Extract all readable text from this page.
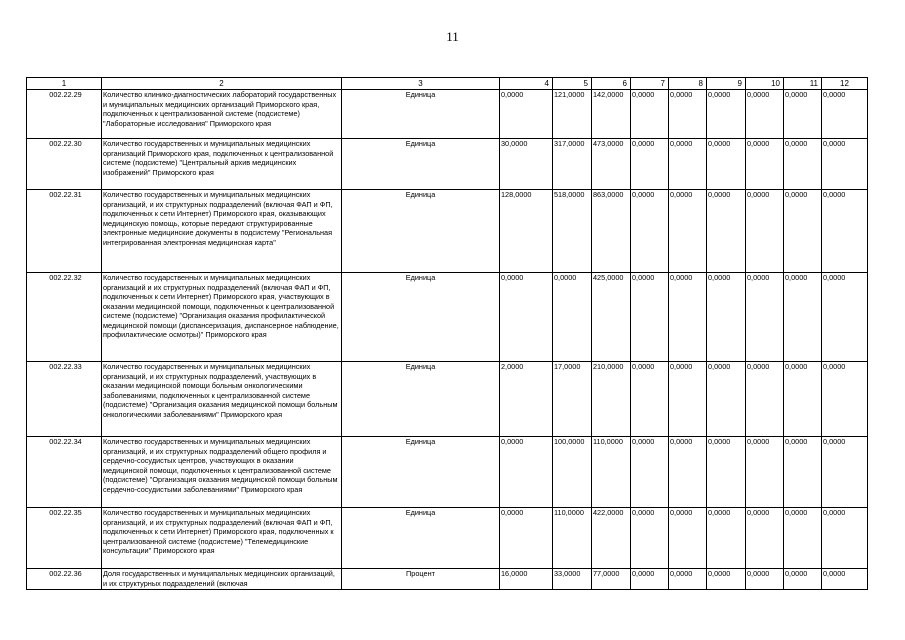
11
1	2	3	4	5	6	7	8	9	10	11	12
002.22.29	Количество клинико-диагностических лабораторий государственных и муниципальных медицинских организаций Приморского края, подключенных к централизованной системе (подсистеме) "Лабораторные исследования" Приморского края	Единица	0,0000	121,0000	142,0000	0,0000	0,0000	0,0000	0,0000	0,0000	0,0000
002.22.30	Количество государственных и муниципальных медицинских организаций Приморского края, подключенных к централизованной системе (подсистеме) "Центральный архив медицинских изображений" Приморского края	Единица	30,0000	317,0000	473,0000	0,0000	0,0000	0,0000	0,0000	0,0000	0,0000
002.22.31	Количество государственных и муниципальных медицинских организаций, и их структурных подразделений (включая ФАП и ФП, подключенных к сети Интернет) Приморского края, оказывающих медицинскую помощь, которые передают структурированные электронные медицинские документы в подсистему "Региональная интегрированная электронная медицинская карта"	Единица	128,0000	518,0000	863,0000	0,0000	0,0000	0,0000	0,0000	0,0000	0,0000
002.22.32	Количество государственных и муниципальных медицинских организаций и их структурных подразделений (включая ФАП и ФП, подключенных к сети Интернет) Приморского края, участвующих в оказании медицинской помощи, подключенных к централизованной системе (подсистеме) "Организация оказания профилактической медицинской помощи (диспансеризация, диспансерное наблюдение, профилактические осмотры)" Приморского края	Единица	0,0000	0,0000	425,0000	0,0000	0,0000	0,0000	0,0000	0,0000	0,0000
002.22.33	Количество государственных и муниципальных медицинских организаций, и их структурных подразделений, участвующих в оказании медицинской помощи больным онкологическими заболеваниями, подключенных к централизованной системе (подсистеме) "Организация оказания медицинской помощи больным онкологическими заболеваниями" Приморского края	Единица	2,0000	17,0000	210,0000	0,0000	0,0000	0,0000	0,0000	0,0000	0,0000
002.22.34	Количество государственных и муниципальных медицинских организаций, и их структурных подразделений общего профиля и сердечно-сосудистых центров, участвующих в оказании медицинской помощи, подключенных к централизованной системе (подсистеме) "Организация оказания медицинской помощи больным сердечно-сосудистыми заболеваниями" Приморского края	Единица	0,0000	100,0000	110,0000	0,0000	0,0000	0,0000	0,0000	0,0000	0,0000
002.22.35	Количество государственных и муниципальных медицинских организаций, и их структурных подразделений (включая ФАП и ФП, подключенных к сети Интернет) Приморского края, подключенных к централизованной системе (подсистеме) "Телемедицинские консультации" Приморского края	Единица	0,0000	110,0000	422,0000	0,0000	0,0000	0,0000	0,0000	0,0000	0,0000
002.22.36	Доля государственных и муниципальных медицинских организаций, и их структурных подразделений (включая	Процент	16,0000	33,0000	77,0000	0,0000	0,0000	0,0000	0,0000	0,0000	0,0000
